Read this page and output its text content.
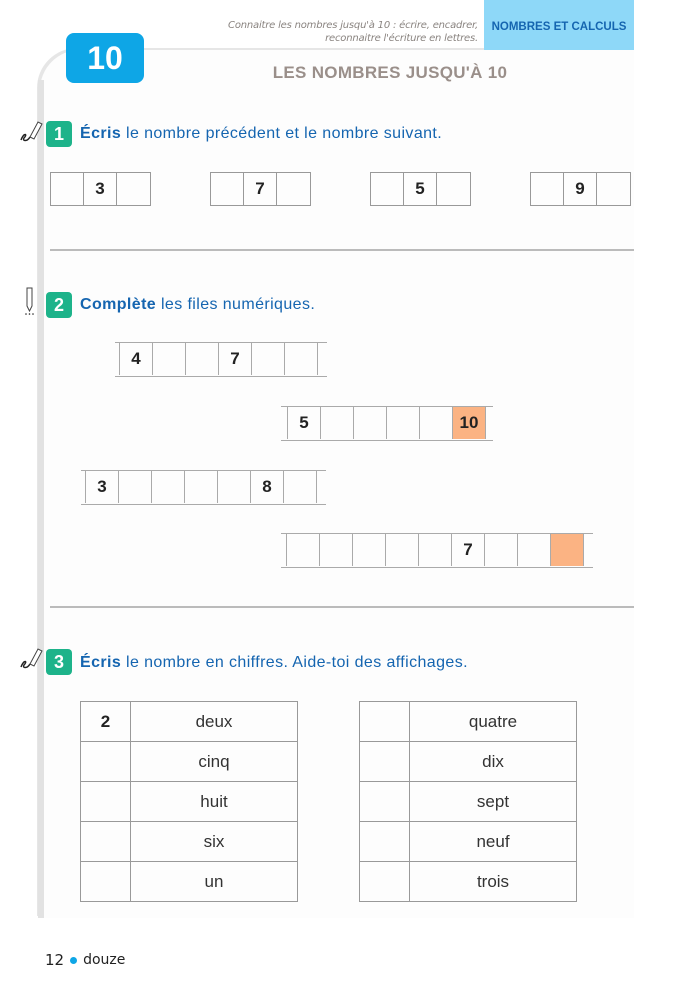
Connaitre les nombres jusqu'à 10 : écrire, encadrer,
reconnaitre l'écriture en lettres.
NOMBRES ET CALCULS
10	LES NOMBRES JUSQU'À 10
1	Écris le nombre précédent et le nombre suivant.
3	7	5	9
2	Complète les files numériques.
4	7
5	10
3	8
7
3	Écris le nombre en chiffres. Aide-toi des affichages.
2	deux
	cinq
	huit
	six
	un
	quatre
	dix
	sept
	neuf
	trois
12 douze
